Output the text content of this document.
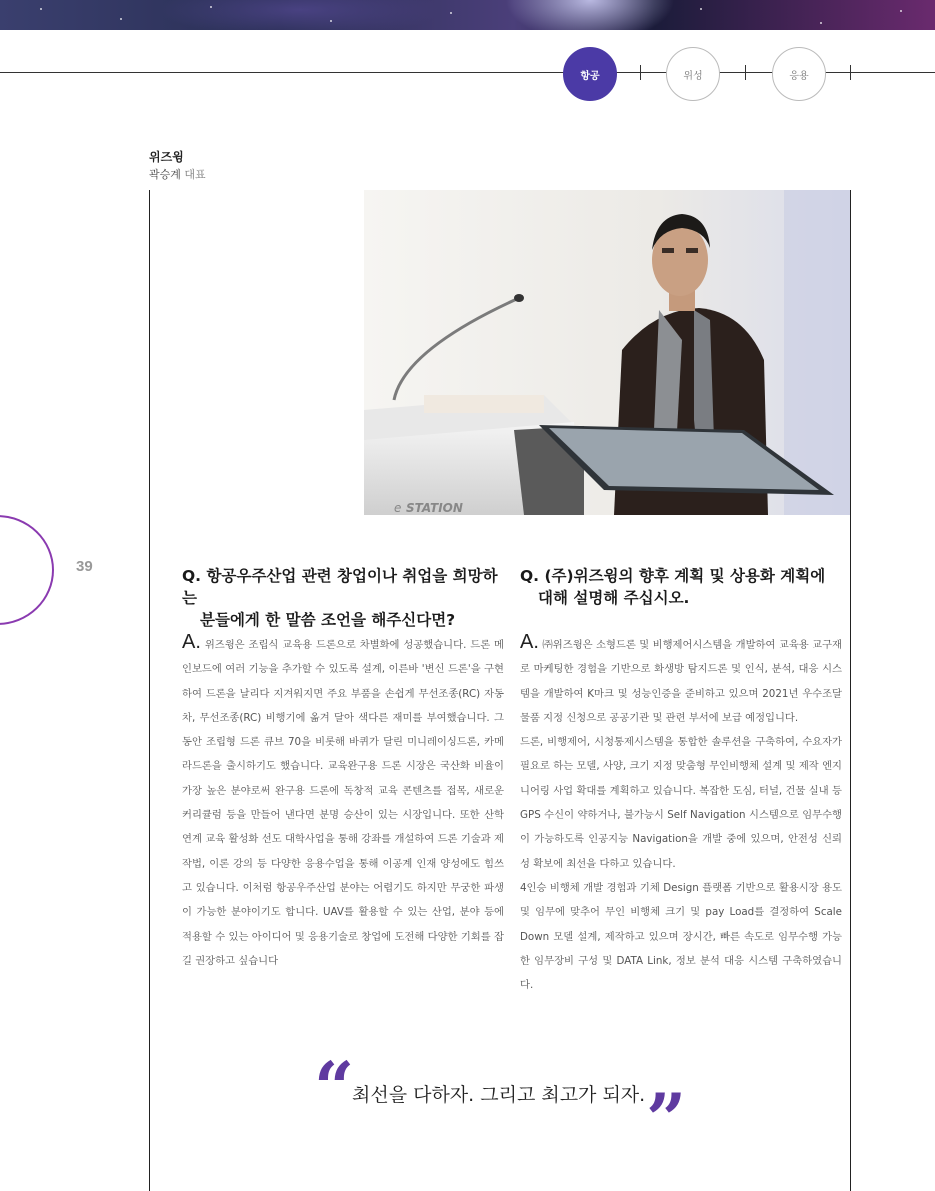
항공	위성	응용
39
위즈윙
곽승계 대표
e STATION
Q. 항공우주산업 관련 창업이나 취업을 희망하는
분들에게 한 말씀 조언을 해주신다면?

A. 위즈윙은 조립식 교육용 드론으로 차별화에 성공했습니다. 드론 메인보드에 여러 기능을 추가할 수 있도록 설계, 이른바 '변신 드론'을 구현하여 드론을 날리다 지겨워지면 주요 부품을 손쉽게 무선조종(RC) 자동차, 무선조종(RC) 비행기에 옮겨 달아 색다른 재미를 부여했습니다. 그동안 조립형 드론 큐브 70을 비롯해 바퀴가 달린 미니레이싱드론, 카메라드론을 출시하기도 했습니다. 교육완구용 드론 시장은 국산화 비율이 가장 높은 분야로써 완구용 드론에 독창적 교육 콘텐츠를 접목, 새로운 커리큘럼 등을 만들어 낸다면 분명 승산이 있는 시장입니다. 또한 산학 연계 교육 활성화 선도 대학사업을 통해 강좌를 개설하여 드론 기술과 제작법, 이론 강의 등 다양한 응용수업을 통해 이공계 인재 양성에도 힘쓰고 있습니다. 이처럼 항공우주산업 분야는 어렵기도 하지만 무궁한 파생이 가능한 분야이기도 합니다. UAV를 활용할 수 있는 산업, 분야 등에 적용할 수 있는 아이디어 및 응용기술로 창업에 도전해 다양한 기회를 잡길 권장하고 싶습니다

Q. (주)위즈윙의 향후 계획 및 상용화 계획에
대해 설명해 주십시오.

A. ㈜위즈윙은 소형드론 및 비행제어시스템을 개발하여 교육용 교구재로 마케팅한 경험을 기반으로 화생방 탐지드론 및 인식, 분석, 대응 시스템을 개발하여 K마크 및 성능인증을 준비하고 있으며 2021년 우수조달물품 지정 신청으로 공공기관 및 관련 부서에 보급 예정입니다.

드론, 비행제어, 시청통제시스템을 통합한 솔루션을 구축하여, 수요자가 필요로 하는 모델, 사양, 크기 지정 맞춤형 무인비행체 설계 및 제작 엔지니어링 사업 확대를 계획하고 있습니다. 복잡한 도심, 터널, 건물 실내 등 GPS 수신이 약하거나, 불가능시 Self Navigation 시스템으로 임무수행이 가능하도록 인공지능 Navigation을 개발 중에 있으며, 안전성 신뢰성 확보에 최선을 다하고 있습니다.

4인승 비행체 개발 경험과 기체 Design 플랫폼 기반으로 활용시장 용도 및 임무에 맞추어 무인 비행체 크기 및 pay Load를 결정하여 Scale Down 모델 설계, 제작하고 있으며 장시간, 빠른 속도로 임무수행 가능한 임무장비 구성 및 DATA Link, 정보 분석 대응 시스템 구축하였습니다.

“
최선을 다하자. 그리고 최고가 되자. ”
